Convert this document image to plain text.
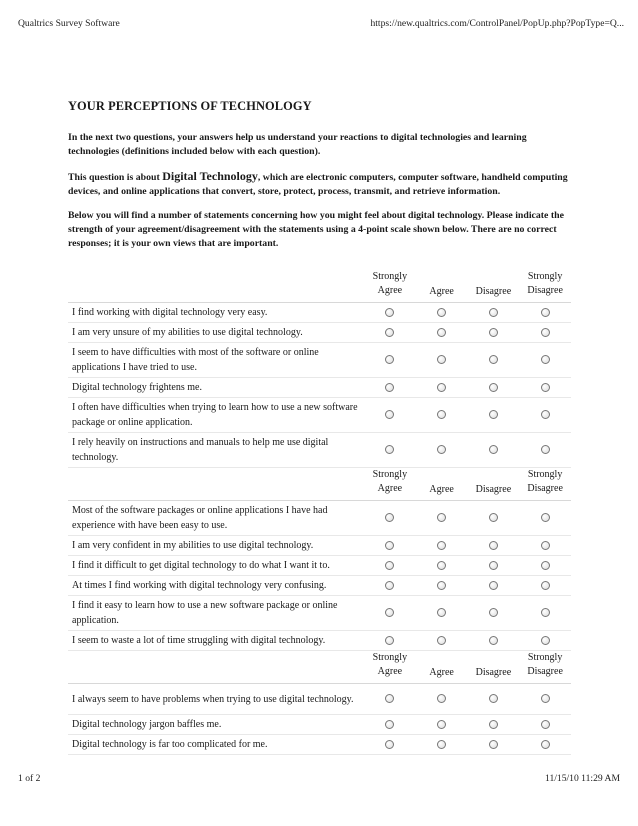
Qualtrics Survey Software	https://new.qualtrics.com/ControlPanel/PopUp.php?PopType=Q...
YOUR PERCEPTIONS OF TECHNOLOGY

In the next two questions, your answers help us understand your reactions to digital technologies and learning technologies (definitions included below with each question).

This question is about Digital Technology, which are electronic computers, computer software, handheld computing devices, and online applications that convert, store, protect, process, transmit, and retrieve information.

Below you will find a number of statements concerning how you might feel about digital technology. Please indicate the strength of your agreement/disagreement with the statements using a 4-point scale shown below. There are no correct responses; it is your own views that are important.

	Strongly Agree	Agree	Disagree	Strongly Disagree
I find working with digital technology very easy.				
I am very unsure of my abilities to use digital technology.				
I seem to have difficulties with most of the software or online applications I have tried to use.				
Digital technology frightens me.				
I often have difficulties when trying to learn how to use a new software package or online application.				
I rely heavily on instructions and manuals to help me use digital technology.				
	Strongly Agree	Agree	Disagree	Strongly Disagree
Most of the software packages or online applications I have had experience with have been easy to use.				
I am very confident in my abilities to use digital technology.				
I find it difficult to get digital technology to do what I want it to.				
At times I find working with digital technology very confusing.				
I find it easy to learn how to use a new software package or online application.				
I seem to waste a lot of time struggling with digital technology.				
	Strongly Agree	Agree	Disagree	Strongly Disagree
I always seem to have problems when trying to use digital technology.				
Digital technology jargon baffles me.				
Digital technology is far too complicated for me.				
1 of 2	11/15/10 11:29 AM
